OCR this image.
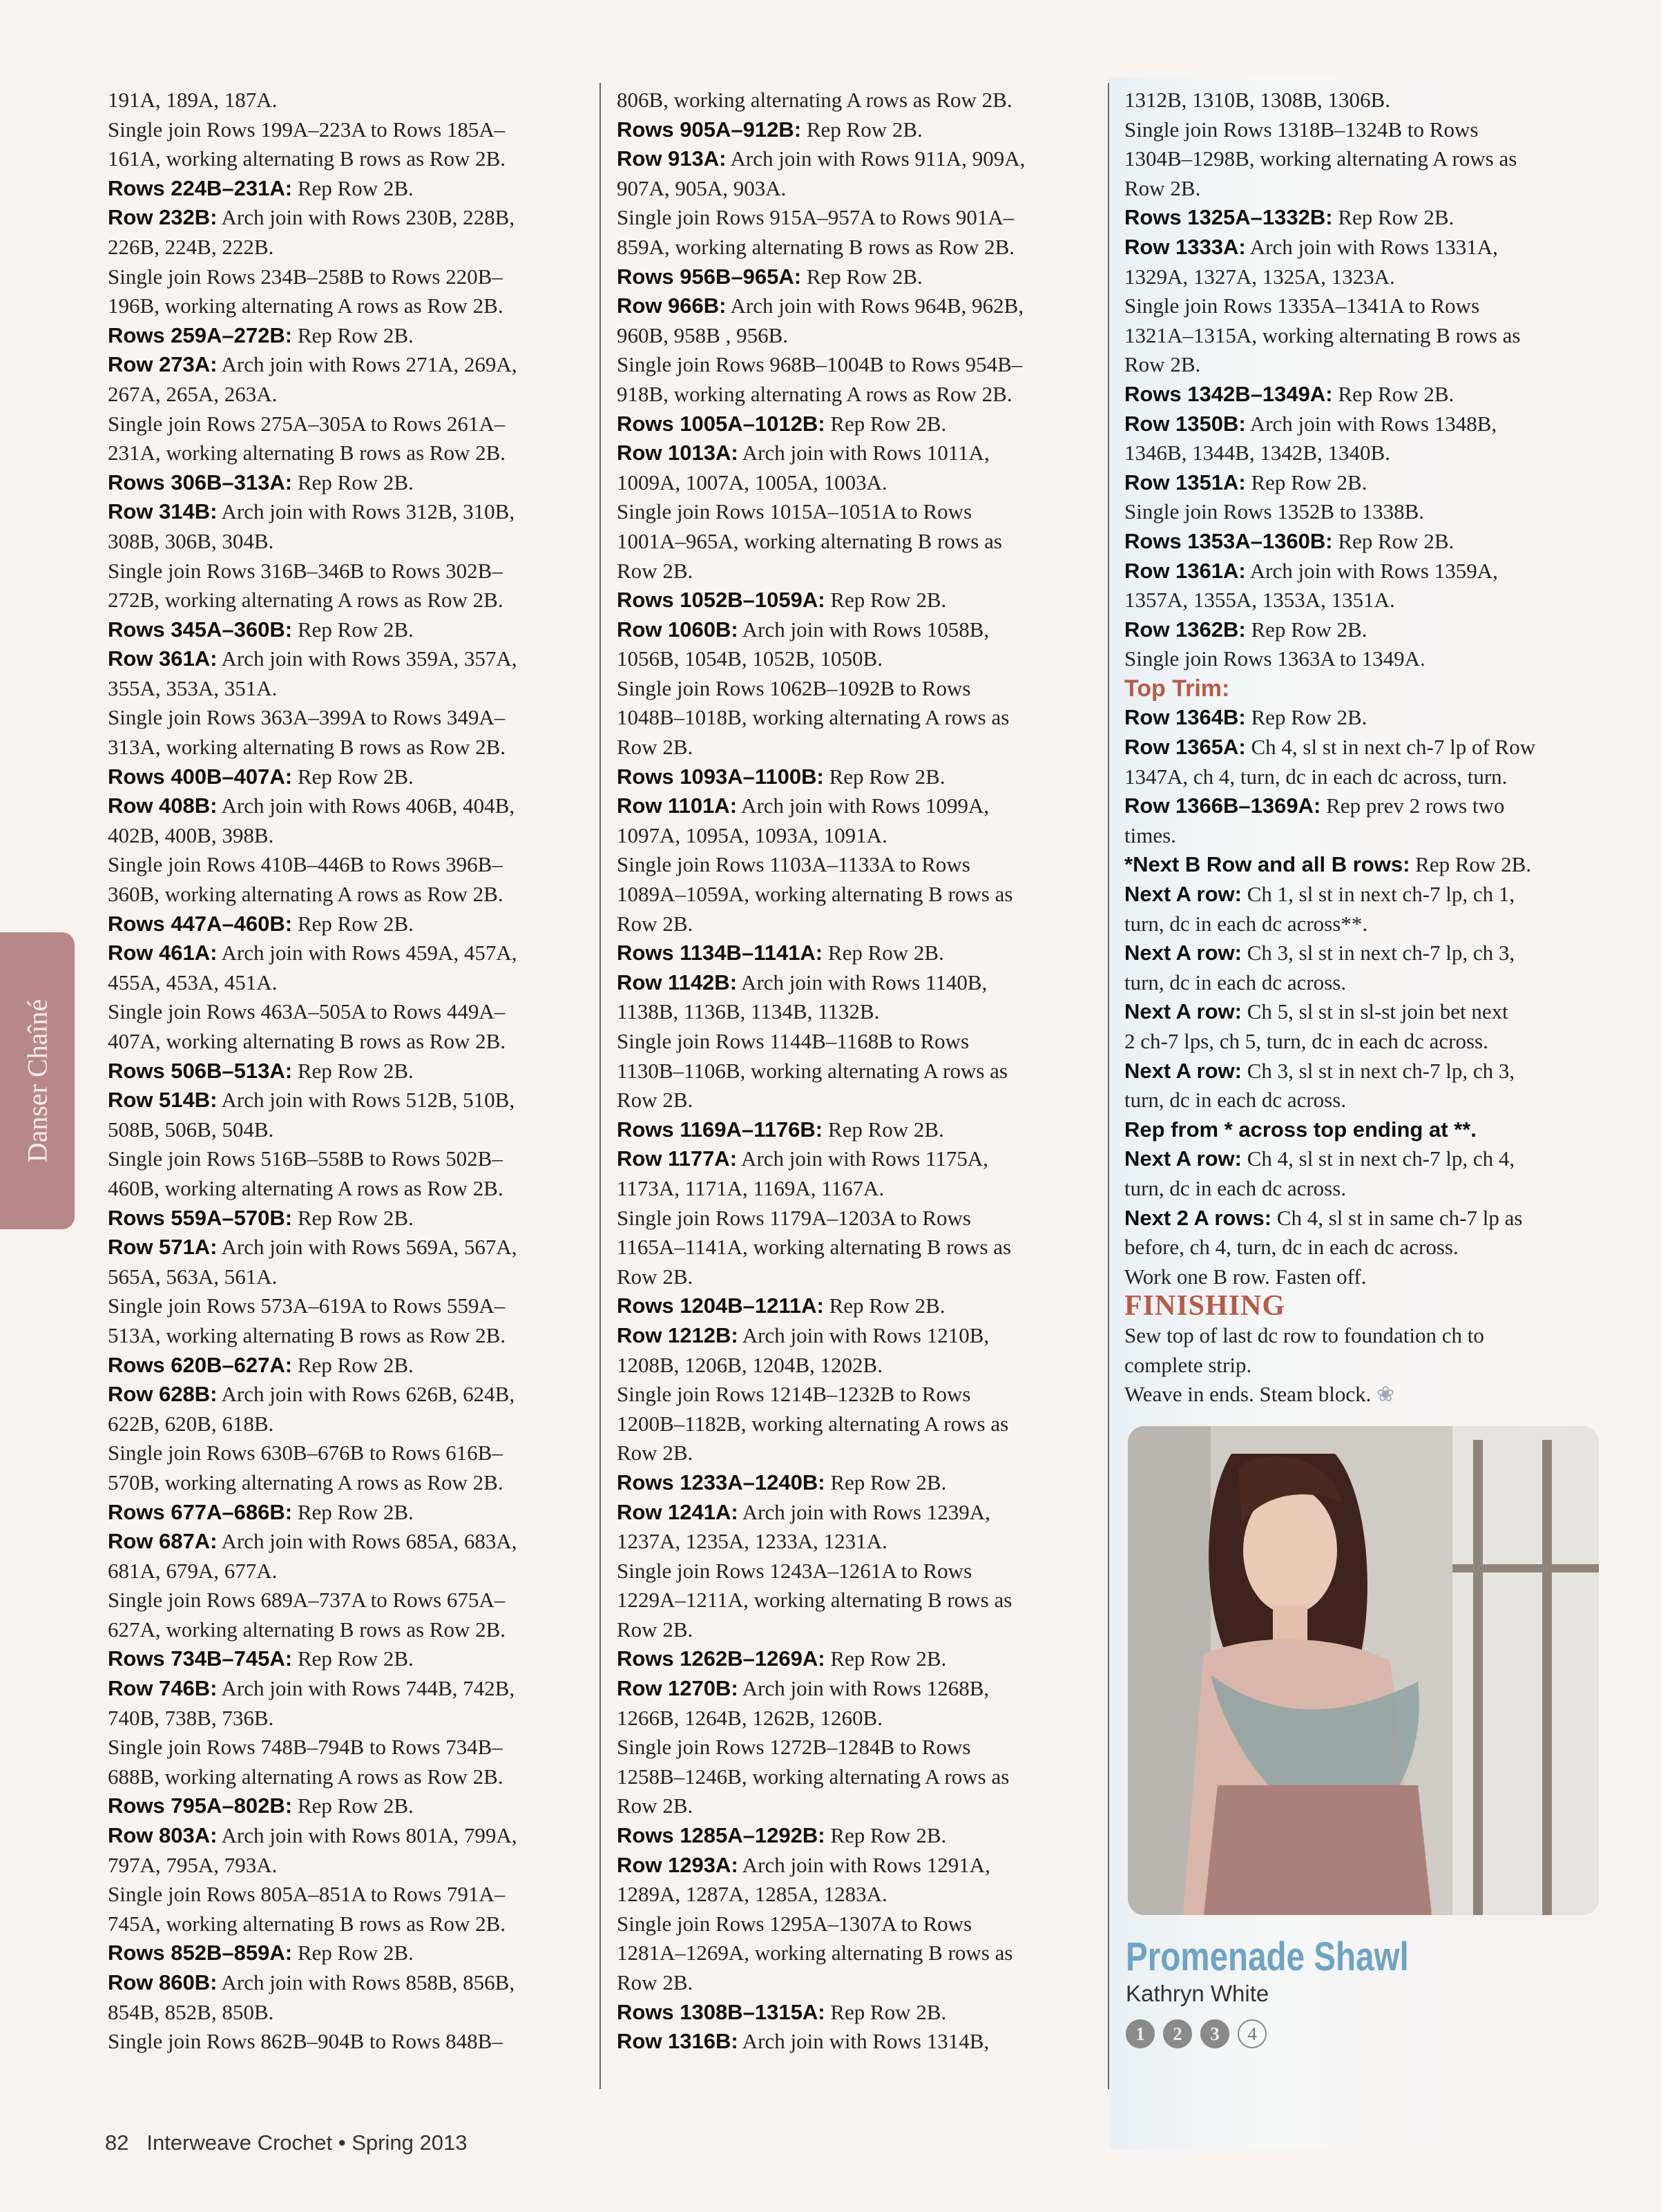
Danser Chaîné
191A, 189A, 187A.
Single join Rows 199A–223A to Rows 185A–
161A, working alternating B rows as Row 2B.
Rows 224B–231A: Rep Row 2B.
Row 232B: Arch join with Rows 230B, 228B,
226B, 224B, 222B.
Single join Rows 234B–258B to Rows 220B–
196B, working alternating A rows as Row 2B.
Rows 259A–272B: Rep Row 2B.
Row 273A: Arch join with Rows 271A, 269A,
267A, 265A, 263A.
Single join Rows 275A–305A to Rows 261A–
231A, working alternating B rows as Row 2B.
Rows 306B–313A: Rep Row 2B.
Row 314B: Arch join with Rows 312B, 310B,
308B, 306B, 304B.
Single join Rows 316B–346B to Rows 302B–
272B, working alternating A rows as Row 2B.
Rows 345A–360B: Rep Row 2B.
Row 361A: Arch join with Rows 359A, 357A,
355A, 353A, 351A.
Single join Rows 363A–399A to Rows 349A–
313A, working alternating B rows as Row 2B.
Rows 400B–407A: Rep Row 2B.
Row 408B: Arch join with Rows 406B, 404B,
402B, 400B, 398B.
Single join Rows 410B–446B to Rows 396B–
360B, working alternating A rows as Row 2B.
Rows 447A–460B: Rep Row 2B.
Row 461A: Arch join with Rows 459A, 457A,
455A, 453A, 451A.
Single join Rows 463A–505A to Rows 449A–
407A, working alternating B rows as Row 2B.
Rows 506B–513A: Rep Row 2B.
Row 514B: Arch join with Rows 512B, 510B,
508B, 506B, 504B.
Single join Rows 516B–558B to Rows 502B–
460B, working alternating A rows as Row 2B.
Rows 559A–570B: Rep Row 2B.
Row 571A: Arch join with Rows 569A, 567A,
565A, 563A, 561A.
Single join Rows 573A–619A to Rows 559A–
513A, working alternating B rows as Row 2B.
Rows 620B–627A: Rep Row 2B.
Row 628B: Arch join with Rows 626B, 624B,
622B, 620B, 618B.
Single join Rows 630B–676B to Rows 616B–
570B, working alternating A rows as Row 2B.
Rows 677A–686B: Rep Row 2B.
Row 687A: Arch join with Rows 685A, 683A,
681A, 679A, 677A.
Single join Rows 689A–737A to Rows 675A–
627A, working alternating B rows as Row 2B.
Rows 734B–745A: Rep Row 2B.
Row 746B: Arch join with Rows 744B, 742B,
740B, 738B, 736B.
Single join Rows 748B–794B to Rows 734B–
688B, working alternating A rows as Row 2B.
Rows 795A–802B: Rep Row 2B.
Row 803A: Arch join with Rows 801A, 799A,
797A, 795A, 793A.
Single join Rows 805A–851A to Rows 791A–
745A, working alternating B rows as Row 2B.
Rows 852B–859A: Rep Row 2B.
Row 860B: Arch join with Rows 858B, 856B,
854B, 852B, 850B.
Single join Rows 862B–904B to Rows 848B–
806B, working alternating A rows as Row 2B.
Rows 905A–912B: Rep Row 2B.
Row 913A: Arch join with Rows 911A, 909A,
907A, 905A, 903A.
Single join Rows 915A–957A to Rows 901A–
859A, working alternating B rows as Row 2B.
Rows 956B–965A: Rep Row 2B.
Row 966B: Arch join with Rows 964B, 962B,
960B, 958B , 956B.
Single join Rows 968B–1004B to Rows 954B–
918B, working alternating A rows as Row 2B.
Rows 1005A–1012B: Rep Row 2B.
Row 1013A: Arch join with Rows 1011A,
1009A, 1007A, 1005A, 1003A.
Single join Rows 1015A–1051A to Rows
1001A–965A, working alternating B rows as
Row 2B.
Rows 1052B–1059A: Rep Row 2B.
Row 1060B: Arch join with Rows 1058B,
1056B, 1054B, 1052B, 1050B.
Single join Rows 1062B–1092B to Rows
1048B–1018B, working alternating A rows as
Row 2B.
Rows 1093A–1100B: Rep Row 2B.
Row 1101A: Arch join with Rows 1099A,
1097A, 1095A, 1093A, 1091A.
Single join Rows 1103A–1133A to Rows
1089A–1059A, working alternating B rows as
Row 2B.
Rows 1134B–1141A: Rep Row 2B.
Row 1142B: Arch join with Rows 1140B,
1138B, 1136B, 1134B, 1132B.
Single join Rows 1144B–1168B to Rows
1130B–1106B, working alternating A rows as
Row 2B.
Rows 1169A–1176B: Rep Row 2B.
Row 1177A: Arch join with Rows 1175A,
1173A, 1171A, 1169A, 1167A.
Single join Rows 1179A–1203A to Rows
1165A–1141A, working alternating B rows as
Row 2B.
Rows 1204B–1211A: Rep Row 2B.
Row 1212B: Arch join with Rows 1210B,
1208B, 1206B, 1204B, 1202B.
Single join Rows 1214B–1232B to Rows
1200B–1182B, working alternating A rows as
Row 2B.
Rows 1233A–1240B: Rep Row 2B.
Row 1241A: Arch join with Rows 1239A,
1237A, 1235A, 1233A, 1231A.
Single join Rows 1243A–1261A to Rows
1229A–1211A, working alternating B rows as
Row 2B.
Rows 1262B–1269A: Rep Row 2B.
Row 1270B: Arch join with Rows 1268B,
1266B, 1264B, 1262B, 1260B.
Single join Rows 1272B–1284B to Rows
1258B–1246B, working alternating A rows as
Row 2B.
Rows 1285A–1292B: Rep Row 2B.
Row 1293A: Arch join with Rows 1291A,
1289A, 1287A, 1285A, 1283A.
Single join Rows 1295A–1307A to Rows
1281A–1269A, working alternating B rows as
Row 2B.
Rows 1308B–1315A: Rep Row 2B.
Row 1316B: Arch join with Rows 1314B,
1312B, 1310B, 1308B, 1306B.
Single join Rows 1318B–1324B to Rows
1304B–1298B, working alternating A rows as
Row 2B.
Rows 1325A–1332B: Rep Row 2B.
Row 1333A: Arch join with Rows 1331A,
1329A, 1327A, 1325A, 1323A.
Single join Rows 1335A–1341A to Rows
1321A–1315A, working alternating B rows as
Row 2B.
Rows 1342B–1349A: Rep Row 2B.
Row 1350B: Arch join with Rows 1348B,
1346B, 1344B, 1342B, 1340B.
Row 1351A: Rep Row 2B.
Single join Rows 1352B to 1338B.
Rows 1353A–1360B: Rep Row 2B.
Row 1361A: Arch join with Rows 1359A,
1357A, 1355A, 1353A, 1351A.
Row 1362B: Rep Row 2B.
Single join Rows 1363A to 1349A.
Top Trim:
Row 1364B: Rep Row 2B.
Row 1365A: Ch 4, sl st in next ch-7 lp of Row
1347A, ch 4, turn, dc in each dc across, turn.
Row 1366B–1369A: Rep prev 2 rows two
times.
*Next B Row and all B rows: Rep Row 2B.
Next A row: Ch 1, sl st in next ch-7 lp, ch 1,
turn, dc in each dc across**.
Next A row: Ch 3, sl st in next ch-7 lp, ch 3,
turn, dc in each dc across.
Next A row: Ch 5, sl st in sl-st join bet next
2 ch-7 lps, ch 5, turn, dc in each dc across.
Next A row: Ch 3, sl st in next ch-7 lp, ch 3,
turn, dc in each dc across.
Rep from * across top ending at **.
Next A row: Ch 4, sl st in next ch-7 lp, ch 4,
turn, dc in each dc across.
Next 2 A rows: Ch 4, sl st in same ch-7 lp as
before, ch 4, turn, dc in each dc across.
Work one B row. Fasten off.
FINISHING
Sew top of last dc row to foundation ch to
complete strip.
Weave in ends. Steam block. ❀
Promenade Shawl
Kathryn White
1	2	3	4
82 Interweave Crochet • Spring 2013
